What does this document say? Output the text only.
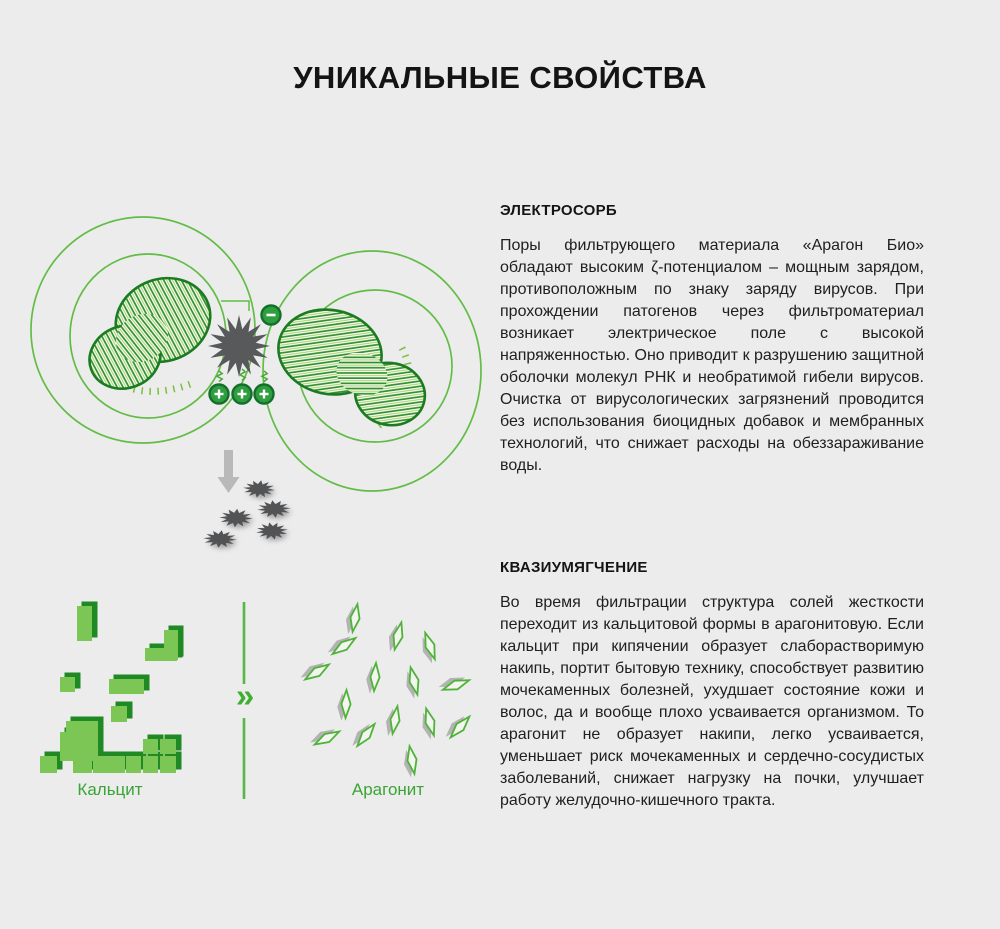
УНИКАЛЬНЫЕ СВОЙСТВА
»
Кальцит	Арагонит
ЭЛЕКТРОСОРБ
Поры фильтрующего материала «Арагон Био» обладают высоким ζ-потенциалом – мощным зарядом, противоположным по знаку заряду вирусов. При прохождении патогенов через фильтроматериал возникает электрическое поле с высокой напряженностью. Оно приводит к разрушению защитной оболочки молекул РНК и необратимой гибели вирусов. Очистка от вирусологических загрязнений проводится без использования биоцидных добавок и мембранных технологий, что снижает расходы на обеззараживание воды.
КВАЗИУМЯГЧЕНИЕ
Во время фильтрации структура солей жесткости переходит из кальцитовой формы в арагонитовую. Если кальцит при кипячении образует слаборастворимую накипь, портит бытовую технику, способствует развитию мочекаменных болезней, ухудшает состояние кожи и волос, да и вообще плохо усваивается организмом. То арагонит не образует накипи, легко усваивается, уменьшает риск мочекаменных и сердечно-сосудистых заболеваний, снижает нагрузку на почки, улучшает работу желудочно-кишечного тракта.
